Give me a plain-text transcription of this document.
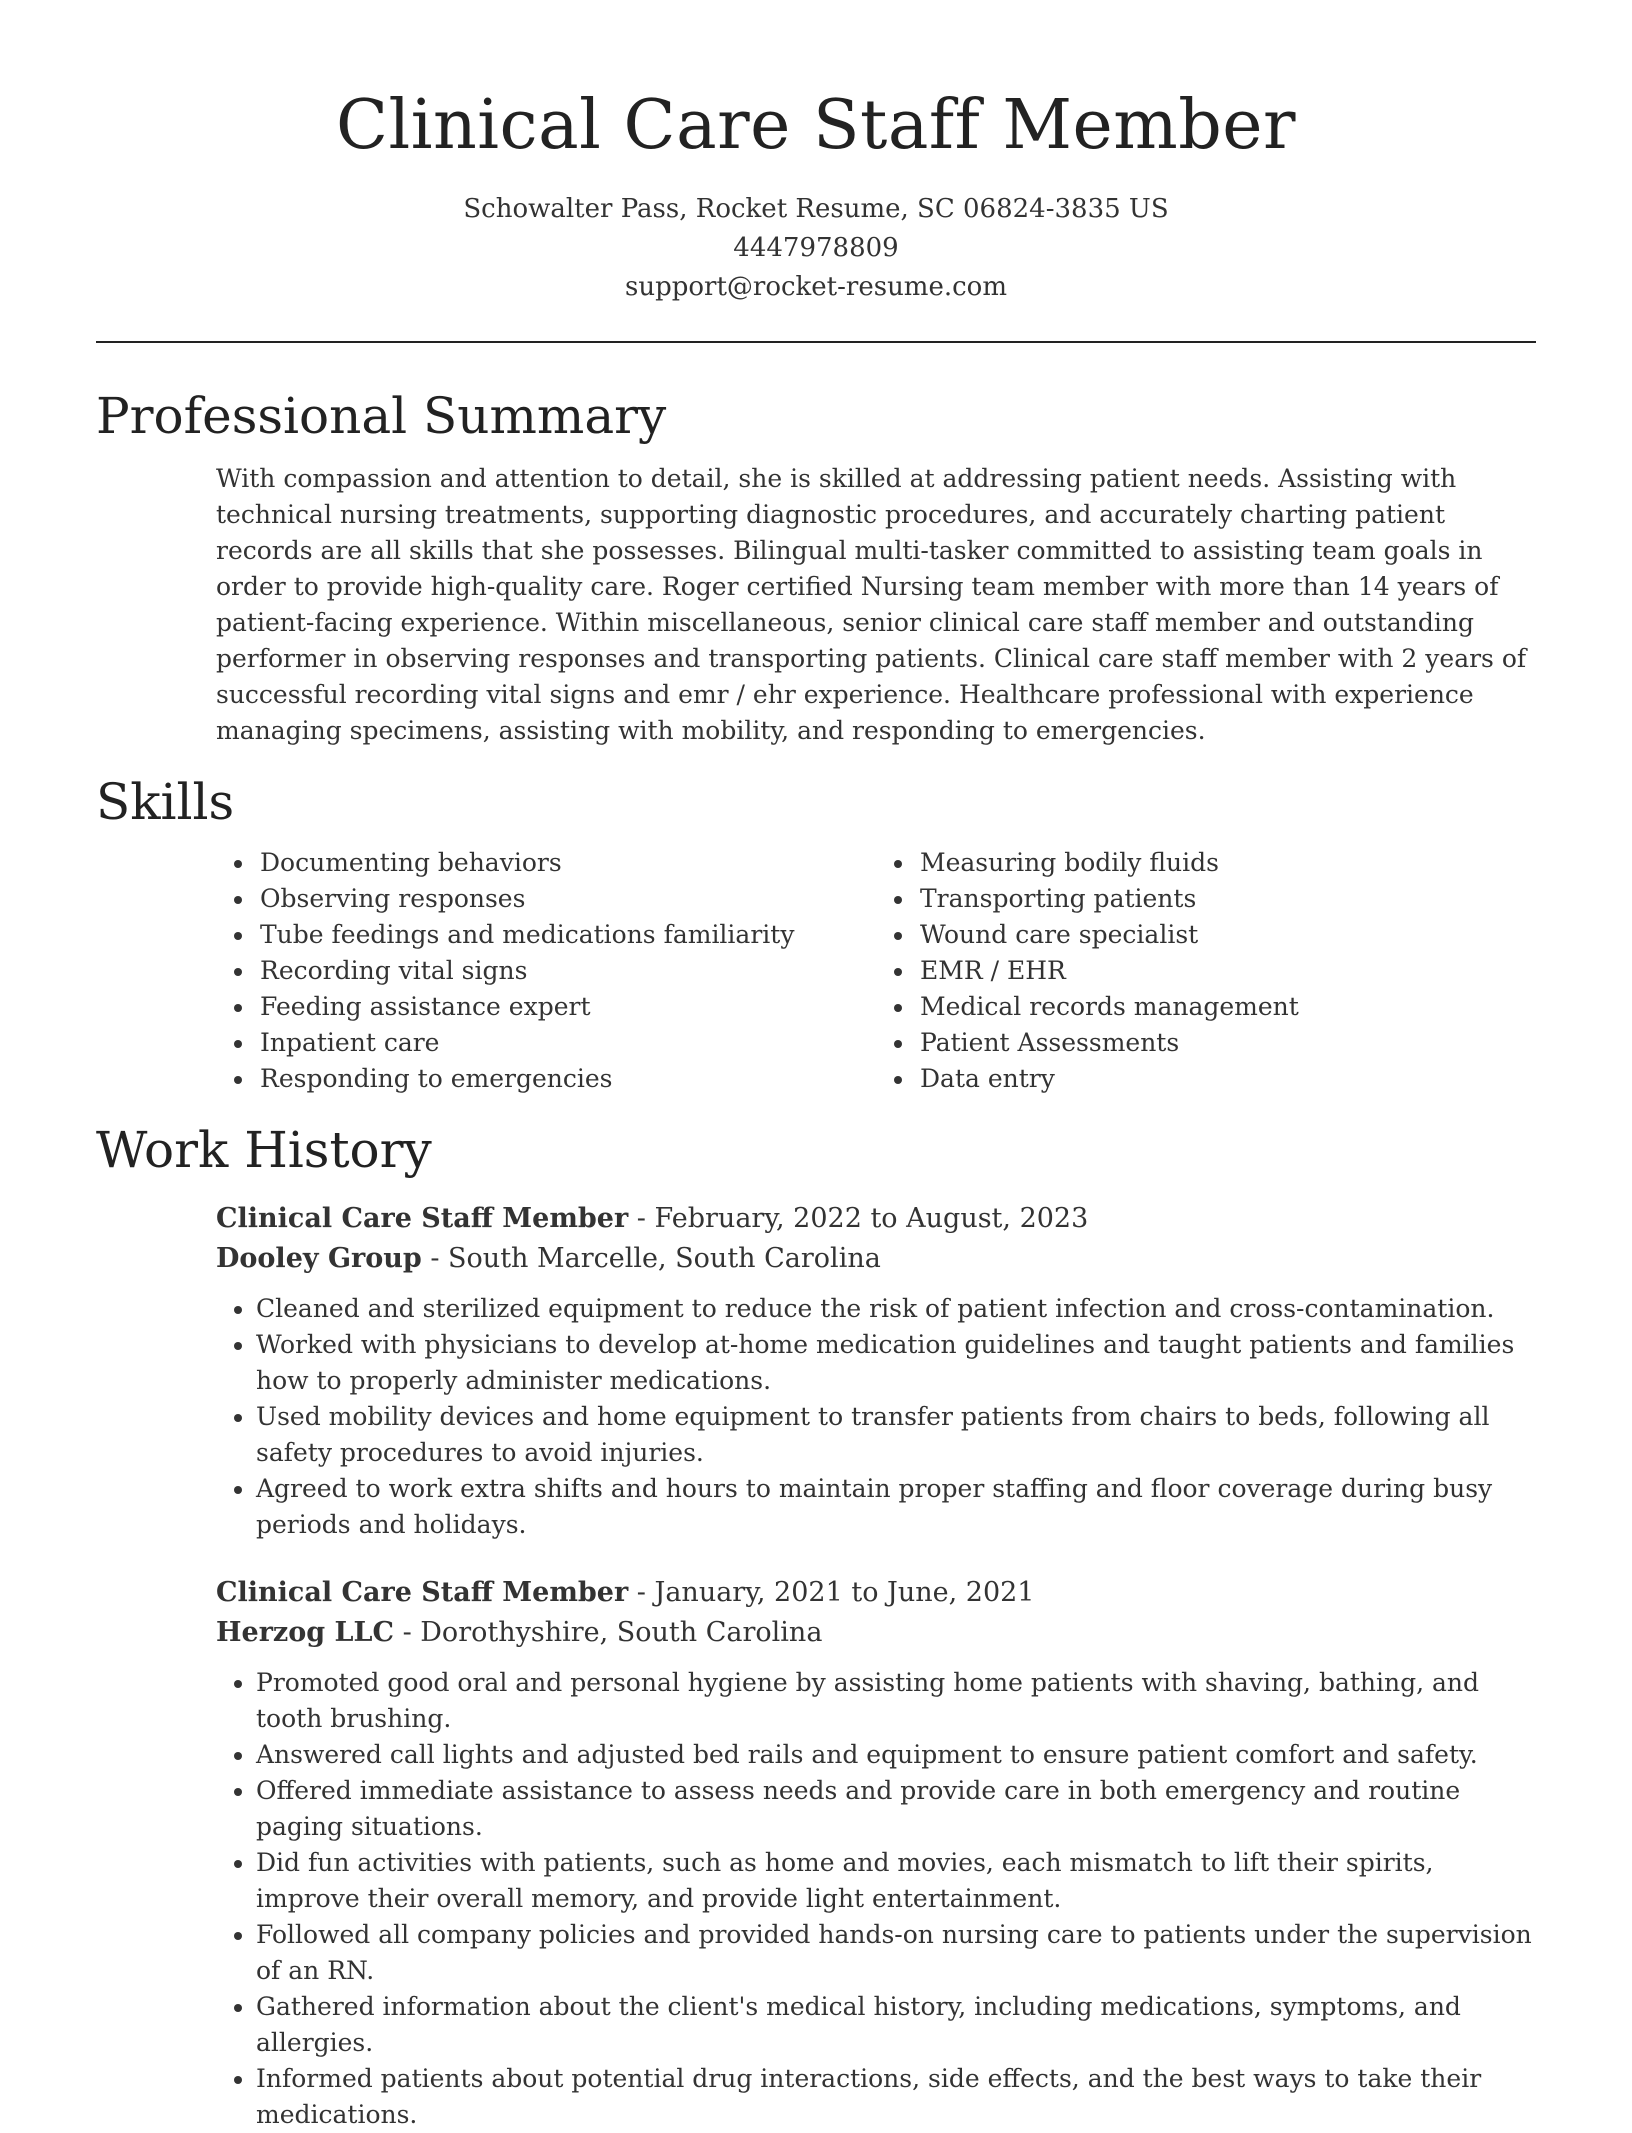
Clinical Care Staff Member
Schowalter Pass, Rocket Resume, SC 06824-3835 US
4447978809
support@rocket-resume.com
Professional Summary

With compassion and attention to detail, she is skilled at addressing patient needs. Assisting with technical nursing treatments, supporting diagnostic procedures, and accurately charting patient records are all skills that she possesses. Bilingual multi-tasker committed to assisting team goals in order to provide high-quality care. Roger certified Nursing team member with more than 14 years of patient-facing experience. Within miscellaneous, senior clinical care staff member and outstanding performer in observing responses and transporting patients. Clinical care staff member with 2 years of successful recording vital signs and emr / ehr experience. Healthcare professional with experience managing specimens, assisting with mobility, and responding to emergencies.

Skills
• Documenting behaviors
• Observing responses
• Tube feedings and medications familiarity
• Recording vital signs
• Feeding assistance expert
• Inpatient care
• Responding to emergencies
• Measuring bodily fluids
• Transporting patients
• Wound care specialist
• EMR / EHR
• Medical records management
• Patient Assessments
• Data entry
Work History
Clinical Care Staff Member - February, 2022 to August, 2023
Dooley Group - South Marcelle, South Carolina
• Cleaned and sterilized equipment to reduce the risk of patient infection and cross-contamination.
• Worked with physicians to develop at-home medication guidelines and taught patients and families how to properly administer medications.
• Used mobility devices and home equipment to transfer patients from chairs to beds, following all safety procedures to avoid injuries.
• Agreed to work extra shifts and hours to maintain proper staffing and floor coverage during busy periods and holidays.
Clinical Care Staff Member - January, 2021 to June, 2021
Herzog LLC - Dorothyshire, South Carolina
• Promoted good oral and personal hygiene by assisting home patients with shaving, bathing, and tooth brushing.
• Answered call lights and adjusted bed rails and equipment to ensure patient comfort and safety.
• Offered immediate assistance to assess needs and provide care in both emergency and routine paging situations.
• Did fun activities with patients, such as home and movies, each mismatch to lift their spirits, improve their overall memory, and provide light entertainment.
• Followed all company policies and provided hands-on nursing care to patients under the supervision of an RN.
• Gathered information about the client's medical history, including medications, symptoms, and allergies.
• Informed patients about potential drug interactions, side effects, and the best ways to take their medications.
